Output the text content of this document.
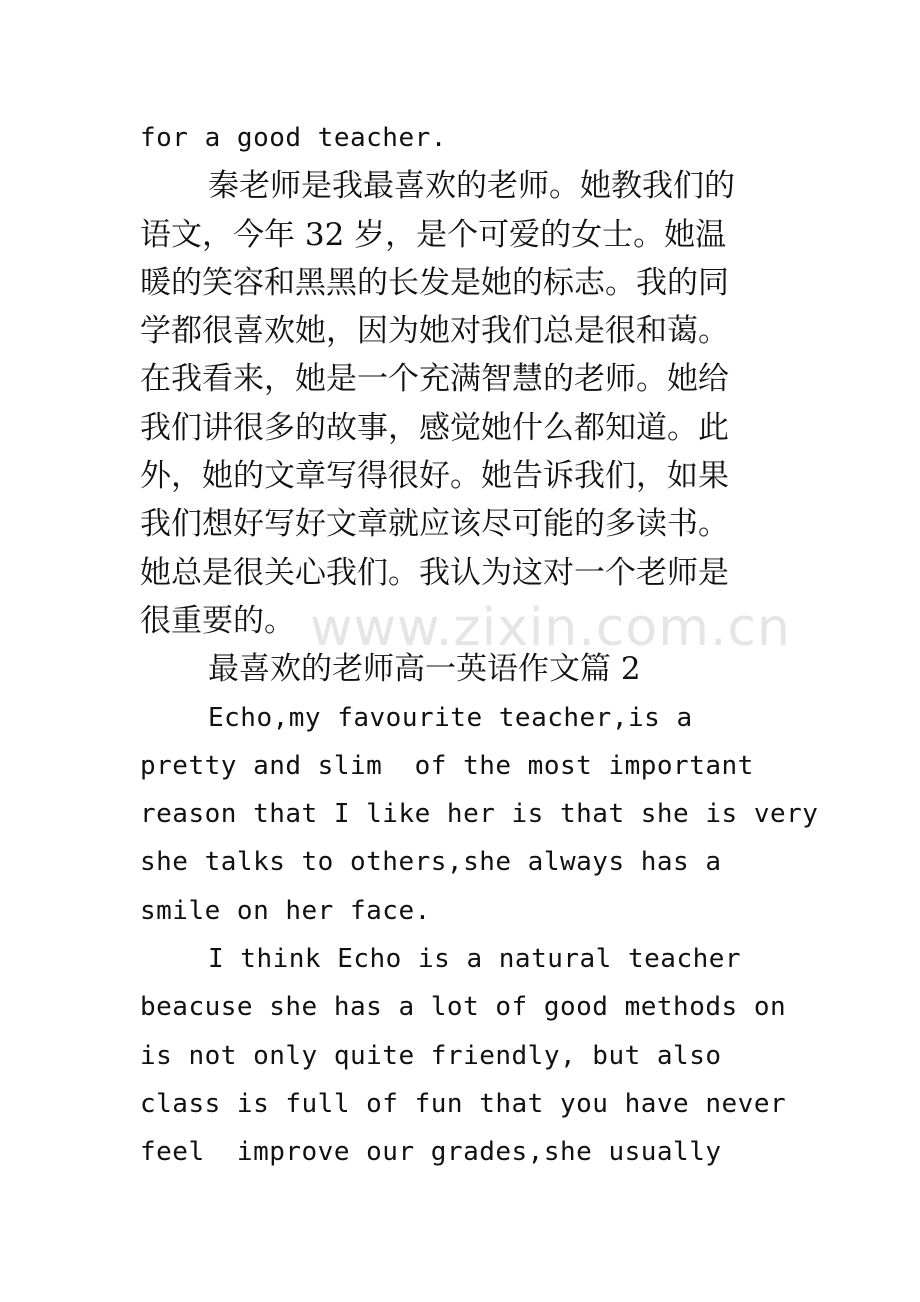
for a good teacher.
秦老师是我最喜欢的老师。她教我们的
语文，今年 32 岁，是个可爱的女士。她温
暖的笑容和黑黑的长发是她的标志。我的同
学都很喜欢她，因为她对我们总是很和蔼。
在我看来，她是一个充满智慧的老师。她给
我们讲很多的故事，感觉她什么都知道。此
外，她的文章写得很好。她告诉我们，如果
我们想好写好文章就应该尽可能的多读书。
她总是很关心我们。我认为这对一个老师是
很重要的。
最喜欢的老师高一英语作文篇 2
Echo,my favourite teacher,is a
pretty and slim  of the most important
reason that I like her is that she is very
she talks to others,she always has a
smile on her face.
I think Echo is a natural teacher
beacuse she has a lot of good methods on
is not only quite friendly, but also
class is full of fun that you have never
feel  improve our grades,she usually
www.zixin.com.cn
